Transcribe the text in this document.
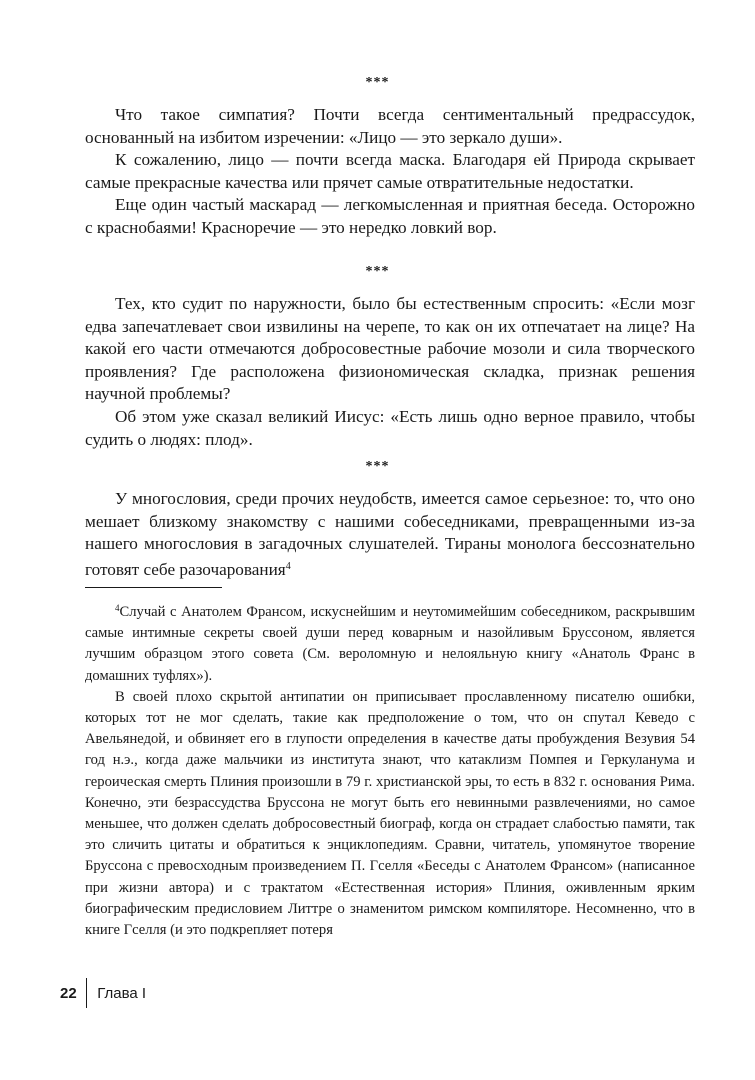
***

Что такое симпатия? Почти всегда сентиментальный предрассудок, основанный на избитом изречении: «Лицо — это зеркало души».

К сожалению, лицо — почти всегда маска. Благодаря ей Природа скрывает самые прекрасные качества или прячет самые отвратительные недостатки.

Еще один частый маскарад — легкомысленная и приятная беседа. Осторожно с краснобаями! Красноречие — это нередко ловкий вор.

***

Тех, кто судит по наружности, было бы естественным спросить: «Если мозг едва запечатлевает свои извилины на черепе, то как он их отпечатает на лице? На какой его части отмечаются добросовестные рабочие мозоли и сила творческого проявления? Где расположена физиономическая складка, признак решения научной проблемы?

Об этом уже сказал великий Иисус: «Есть лишь одно верное правило, чтобы судить о людях: плод».

***

У многословия, среди прочих неудобств, имеется самое серьезное: то, что оно мешает близкому знакомству с нашими собеседниками, превращенными из-за нашего многословия в загадочных слушателей. Тираны монолога бессознательно готовят себе разочарования$^4$

$^4$Случай с Анатолем Франсом, искуснейшим и неутомимейшим собеседником, раскрывшим самые интимные секреты своей души перед коварным и назойливым Бруссоном, является лучшим образцом этого совета (См. вероломную и нелояльную книгу «Анатоль Франс в домашних туфлях»).

В своей плохо скрытой антипатии он приписывает прославленному писателю ошибки, которых тот не мог сделать, такие как предположение о том, что он спутал Кеведо с Авельянедой, и обвиняет его в глупости определения в качестве даты пробуждения Везувия 54 год н.э., когда даже мальчики из института знают, что катаклизм Помпея и Геркуланума и героическая смерть Плиния произошли в 79 г. христианской эры, то есть в 832 г. основания Рима. Конечно, эти безрассудства Бруссона не могут быть его невинными развлечениями, но самое меньшее, что должен сделать добросовестный биограф, когда он страдает слабостью памяти, так это сличить цитаты и обратиться к энциклопедиям. Сравни, читатель, упомянутое творение Бруссона с превосходным произведением П. Гселля «Беседы с Анатолем Франсом» (написанное при жизни автора) и с трактатом «Естественная история» Плиния, оживленным ярким биографическим предисловием Литтре о знаменитом римском компиляторе. Несомненно, что в книге Гселля (и это подкрепляет потеря

22	Глава I
